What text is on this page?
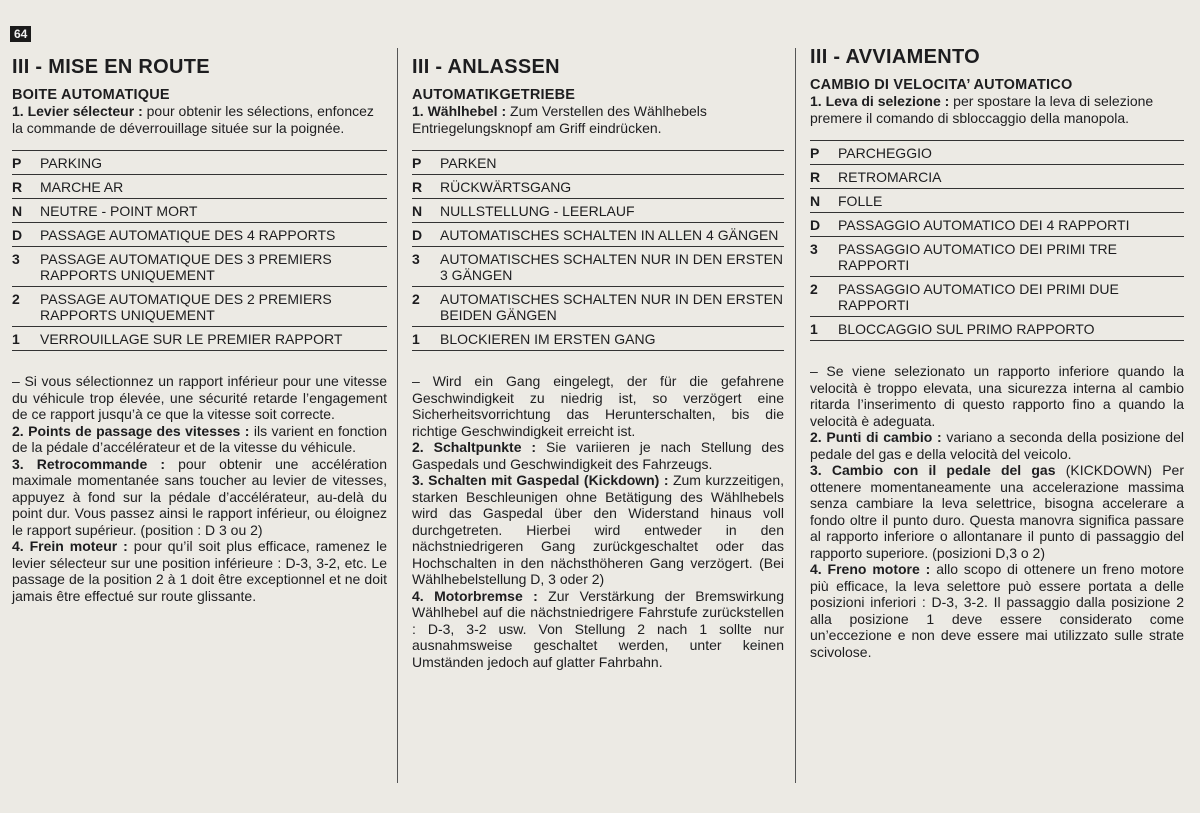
64
III - MISE EN ROUTE
BOITE AUTOMATIQUE

1. Levier sélecteur : pour obtenir les sélections, enfoncez la commande de déverrouillage située sur la poignée.

P	PARKING
R	MARCHE AR
N	NEUTRE - POINT MORT
D	PASSAGE AUTOMATIQUE DES 4 RAPPORTS
3	PASSAGE AUTOMATIQUE DES 3 PREMIERS RAPPORTS UNIQUEMENT
2	PASSAGE AUTOMATIQUE DES 2 PREMIERS RAPPORTS UNIQUEMENT
1	VERROUILLAGE SUR LE PREMIER RAPPORT

– Si vous sélectionnez un rapport inférieur pour une vitesse du véhicule trop élevée, une sécurité retarde l’engagement de ce rapport jusqu’à ce que la vitesse soit correcte.

2. Points de passage des vitesses : ils varient en fonction de la pédale d’accélérateur et de la vitesse du véhicule.

3. Retrocommande : pour obtenir une accélération maximale momentanée sans toucher au levier de vitesses, appuyez à fond sur la pédale d’accélérateur, au-delà du point dur. Vous passez ainsi le rapport inférieur, ou éloignez le rapport supérieur. (position : D 3 ou 2)

4. Frein moteur : pour qu’il soit plus efficace, ramenez le levier sélecteur sur une position inférieure : D-3, 3-2, etc. Le passage de la position 2 à 1 doit être exceptionnel et ne doit jamais être effectué sur route glissante.

III - ANLASSEN
AUTOMATIKGETRIEBE

1. Wählhebel : Zum Verstellen des Wählhebels Entriegelungsknopf am Griff eindrücken.

P	PARKEN
R	RÜCKWÄRTSGANG
N	NULLSTELLUNG - LEERLAUF
D	AUTOMATISCHES SCHALTEN IN ALLEN 4 GÄNGEN
3	AUTOMATISCHES SCHALTEN NUR IN DEN ERSTEN 3 GÄNGEN
2	AUTOMATISCHES SCHALTEN NUR IN DEN ERSTEN BEIDEN GÄNGEN
1	BLOCKIEREN IM ERSTEN GANG

– Wird ein Gang eingelegt, der für die gefahrene Geschwindigkeit zu niedrig ist, so verzögert eine Sicherheitsvorrichtung das Herunterschalten, bis die richtige Geschwindigkeit erreicht ist.

2. Schaltpunkte : Sie variieren je nach Stellung des Gaspedals und Geschwindigkeit des Fahrzeugs.

3. Schalten mit Gaspedal (Kickdown) : Zum kurzzeitigen, starken Beschleunigen ohne Betätigung des Wählhebels wird das Gaspedal über den Widerstand hinaus voll durchgetreten. Hierbei wird entweder in den nächstniedrigeren Gang zurückgeschaltet oder das Hochschalten in den nächsthöheren Gang verzögert. (Bei Wählhebelstellung D, 3 oder 2)

4. Motorbremse : Zur Verstärkung der Bremswirkung Wählhebel auf die nächstniedrigere Fahrstufe zurückstellen : D-3, 3-2 usw. Von Stellung 2 nach 1 sollte nur ausnahmsweise geschaltet werden, unter keinen Umständen jedoch auf glatter Fahrbahn.

III - AVVIAMENTO
CAMBIO DI VELOCITA’ AUTOMATICO

1. Leva di selezione : per spostare la leva di selezione premere il comando di sbloccaggio della manopola.

P	PARCHEGGIO
R	RETROMARCIA
N	FOLLE
D	PASSAGGIO AUTOMATICO DEI 4 RAPPORTI
3	PASSAGGIO AUTOMATICO DEI PRIMI TRE RAPPORTI
2	PASSAGGIO AUTOMATICO DEI PRIMI DUE RAPPORTI
1	BLOCCAGGIO SUL PRIMO RAPPORTO

– Se viene selezionato un rapporto inferiore quando la velocità è troppo elevata, una sicurezza interna al cambio ritarda l’inserimento di questo rapporto fino a quando la velocità è adeguata.

2. Punti di cambio : variano a seconda della posizione del pedale del gas e della velocità del veicolo.

3. Cambio con il pedale del gas (KICKDOWN) Per ottenere momentaneamente una accelerazione massima senza cambiare la leva selettrice, bisogna accelerare a fondo oltre il punto duro. Questa manovra significa passare al rapporto inferiore o allontanare il punto di passaggio del rapporto superiore. (posizioni D,3 o 2)

4. Freno motore : allo scopo di ottenere un freno motore più efficace, la leva selettore può essere portata a delle posizioni inferiori : D-3, 3-2. Il passaggio dalla posizione 2 alla posizione 1 deve essere considerato come un’eccezione e non deve essere mai utilizzato sulle strate scivolose.
